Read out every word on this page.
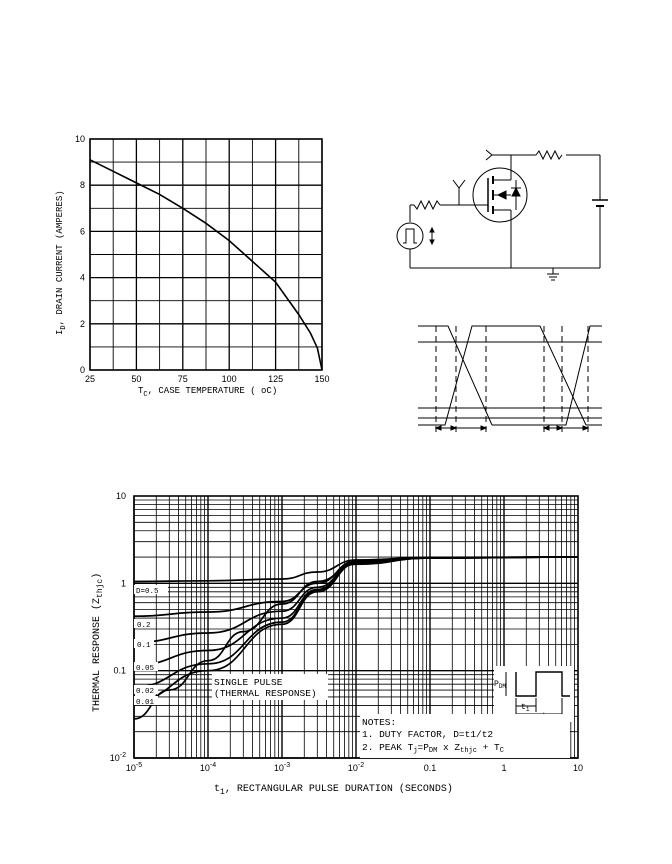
25	50	75	100	125	150
0
2
4
6
8
10
$T_C$, CASE TEMPERATURE ( oC)
$I_D$, DRAIN CURRENT (AMPERES)
$10^{-5}$	$10^{-4}$	$10^{-3}$	$10^{-2}$	0.1	1	10
10
1
0.1
$10^{-2}$
D=0.5
0.2
0.1
0.05
0.02
0.01
SINGLE PULSE
(THERMAL RESPONSE)
$P_{DM}$
$t_1$
NOTES:
1. DUTY FACTOR, D=t1/t2
2. PEAK $T_j=P_{DM}$ x $Z_{thjc} + T_C$
$t_1$, RECTANGULAR PULSE DURATION (SECONDS)
THERMAL RESPONSE $(Z_{thjc})$
